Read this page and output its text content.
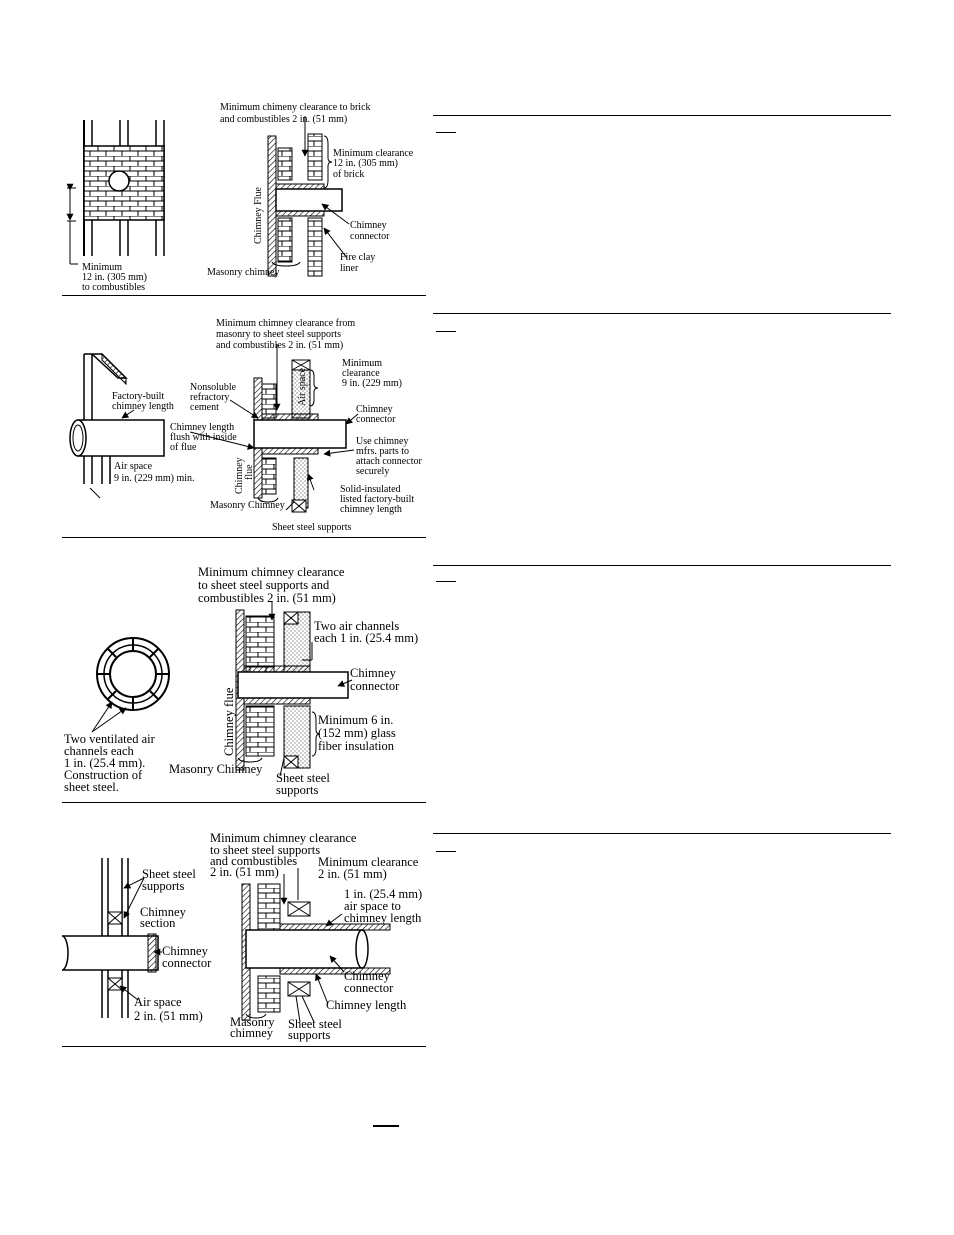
Minimum chimeny clearance to brick
and combustibles 2 in. (51 mm)
Minimum clearance
12 in. (305 mm)
of brick
Chimney Flue	Chimney
connector
Fire clay
liner
Masonry chimney
Minimum
12 in. (305 mm)
to combustibles
Minimum chimney clearance from
masonry to sheet steel supports
and combustibles 2 in. (51 mm)
Minimum
clearance
9 in. (229 mm)
Air space
Factory-built
chimney length
Nonsoluble
refractory
cement
Chimney length
flush with inside
of flue
Chimney
connector
Use chimney
mfrs. parts to
attach connector
securely
Air space
9 in. (229 mm) min.	Chimney flue
Solid-insulated
listed factory-built
chimney length
Masonry Chimney
Sheet steel supports
Minimum chimney clearance
to sheet steel supports and
combustibles 2 in. (51 mm)
Two air channels
each 1 in. (25.4 mm)
Chimney
connector
Chimney flue	Minimum 6 in.
(152 mm) glass
fiber insulation
Two ventilated air
channels each
1 in. (25.4 mm).
Construction of
sheet steel.
Masonry Chimney
Sheet steel
supports
Minimum chimney clearance
to sheet steel supports
and combustibles
2 in. (51 mm)
Minimum clearance
2 in. (51 mm)
1 in. (25.4 mm)
air space to
chimney length
Sheet steel
supports
Chimney
section
Chimney
connector
Air space
2 in. (51 mm)
Chimney
connector
Chimney length
Masonry
chimney
Sheet steel
supports
